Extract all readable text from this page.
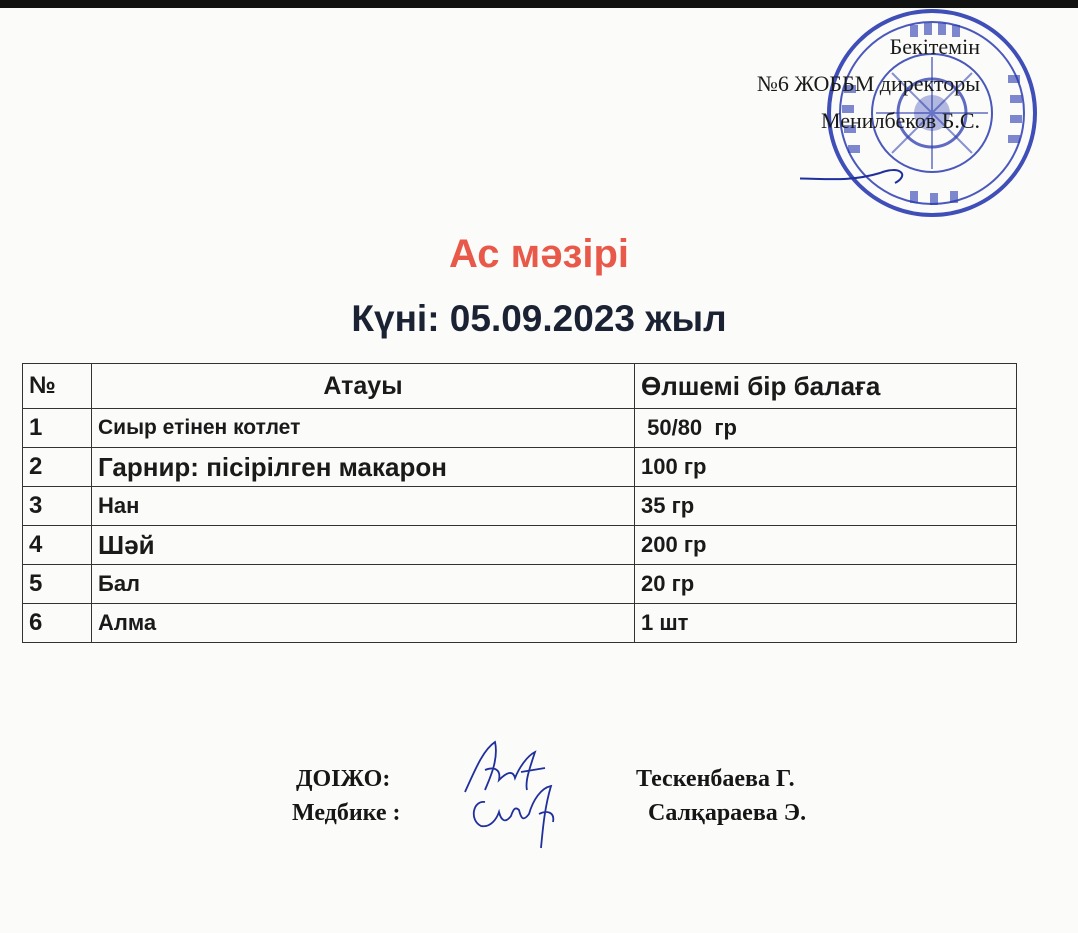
Бекітемін
№6 ЖОББМ директоры
Менилбеков Б.С.
Ас мәзірі
Күні: 05.09.2023 жыл
№	Атауы	Өлшемі бір балаға
1	Сиыр етінен котлет	50/80  гр
2	Гарнир: пісірілген макарон	100 гр
3	Нан	35 гр
4	Шәй	200 гр
5	Бал	20 гр
6	Алма	1 шт
ДОІЖО:	Тескенбаева Г.
Медбике :	Салқараева Э.
